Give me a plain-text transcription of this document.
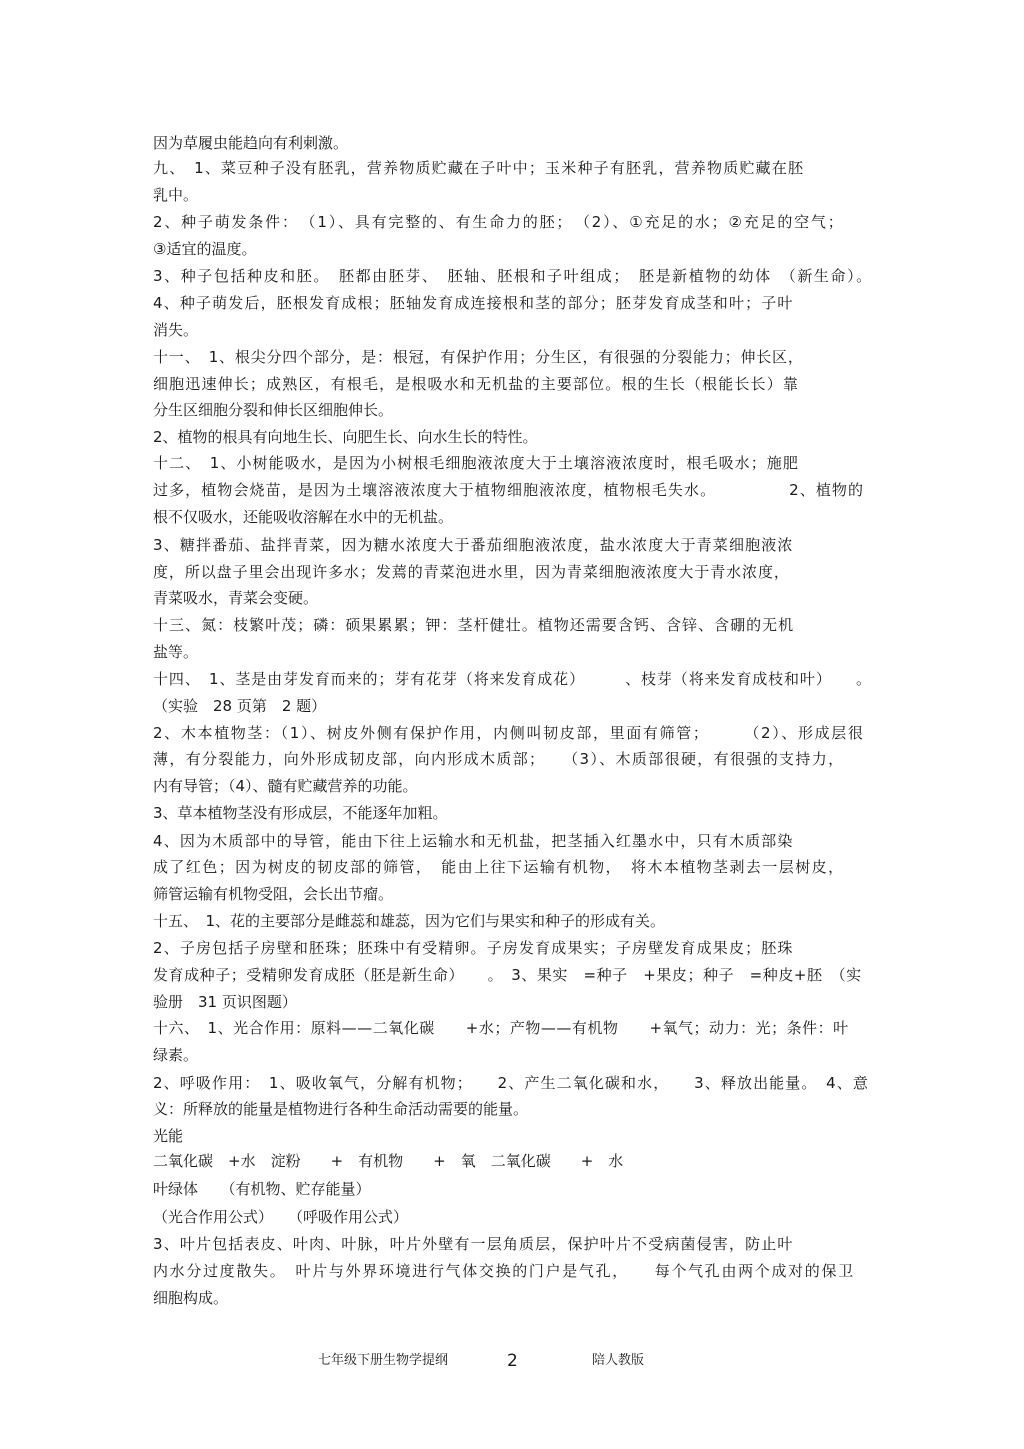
因为草履虫能趋向有利刺激。
九、　1、菜豆种子没有胚乳，营养物质贮藏在子叶中；玉米种子有胚乳，营养物质贮藏在胚
乳中。
2、种子萌发条件：　（1）、具有完整的、有生命力的胚；　（2）、①充足的水；②充足的空气；
③适宜的温度。
3、种子包括种皮和胚。　胚都由胚芽、　胚轴、胚根和子叶组成；　胚是新植物的幼体　（新生命）。
4、种子萌发后，胚根发育成根；胚轴发育成连接根和茎的部分；胚芽发育成茎和叶；子叶
消失。
十一、　1、根尖分四个部分，是：根冠，有保护作用；分生区，有很强的分裂能力；伸长区，
细胞迅速伸长；成熟区，有根毛，是根吸水和无机盐的主要部位。根的生长（根能长长）靠
分生区细胞分裂和伸长区细胞伸长。
2、植物的根具有向地生长、向肥生长、向水生长的特性。
十二、　1、小树能吸水，是因为小树根毛细胞液浓度大于土壤溶液浓度时，根毛吸水；施肥
过多，植物会烧苗，是因为土壤溶液浓度大于植物细胞液浓度，植物根毛失水。　　　　　2、植物的
根不仅吸水，还能吸收溶解在水中的无机盐。
3、糖拌番茄、盐拌青菜，因为糖水浓度大于番茄细胞液浓度，盐水浓度大于青菜细胞液浓
度，所以盘子里会出现许多水；发蔫的青菜泡进水里，因为青菜细胞液浓度大于青水浓度，
青菜吸水，青菜会变硬。
十三、氮：枝繁叶茂；磷：硕果累累；钾：茎杆健壮。植物还需要含钙、含锌、含硼的无机
盐等。
十四、　1、茎是由芽发育而来的；芽有花芽（将来发育成花）　　　、枝芽（将来发育成枝和叶）　　。
（实验　28 页第　2 题）
2、木本植物茎：（1）、树皮外侧有保护作用，内侧叫韧皮部，里面有筛管；　　　（2）、形成层很
薄，有分裂能力，向外形成韧皮部，向内形成木质部；　　（3）、木质部很硬，有很强的支持力，
内有导管；（4）、髓有贮藏营养的功能。
3、草本植物茎没有形成层，不能逐年加粗。
4、因为木质部中的导管，能由下往上运输水和无机盐，把茎插入红墨水中，只有木质部染
成了红色；因为树皮的韧皮部的筛管，　能由上往下运输有机物，　将木本植物茎剥去一层树皮，
筛管运输有机物受阻，会长出节瘤。
十五、　1、花的主要部分是雌蕊和雄蕊，因为它们与果实和种子的形成有关。
2、子房包括子房壁和胚珠；胚珠中有受精卵。子房发育成果实；子房壁发育成果皮；胚珠
发育成种子；受精卵发育成胚（胚是新生命）　　。　3、果实　=种子　+果皮；种子　=种皮+胚　（实
验册　31 页识图题）
十六、　1、光合作用：原料——二氧化碳　　+水；产物——有机物　　+氧气；动力：光；条件：叶
绿素。
2、呼吸作用：　1、吸收氧气，分解有机物；　　2、产生二氧化碳和水，　　3、释放出能量。　4、意
义：所释放的能量是植物进行各种生命活动需要的能量。
光能
二氧化碳　+水　淀粉　　+　有机物　　+　氧　二氧化碳　　+　水
叶绿体　　（有机物、贮存能量）
（光合作用公式）　　（呼吸作用公式）
3、叶片包括表皮、叶肉、叶脉，叶片外壁有一层角质层，保护叶片不受病菌侵害，防止叶
内水分过度散失。　叶片与外界环境进行气体交换的门户是气孔，　　每个气孔由两个成对的保卫
细胞构成。
七年级下册生物学提纲	2	陪人教版
